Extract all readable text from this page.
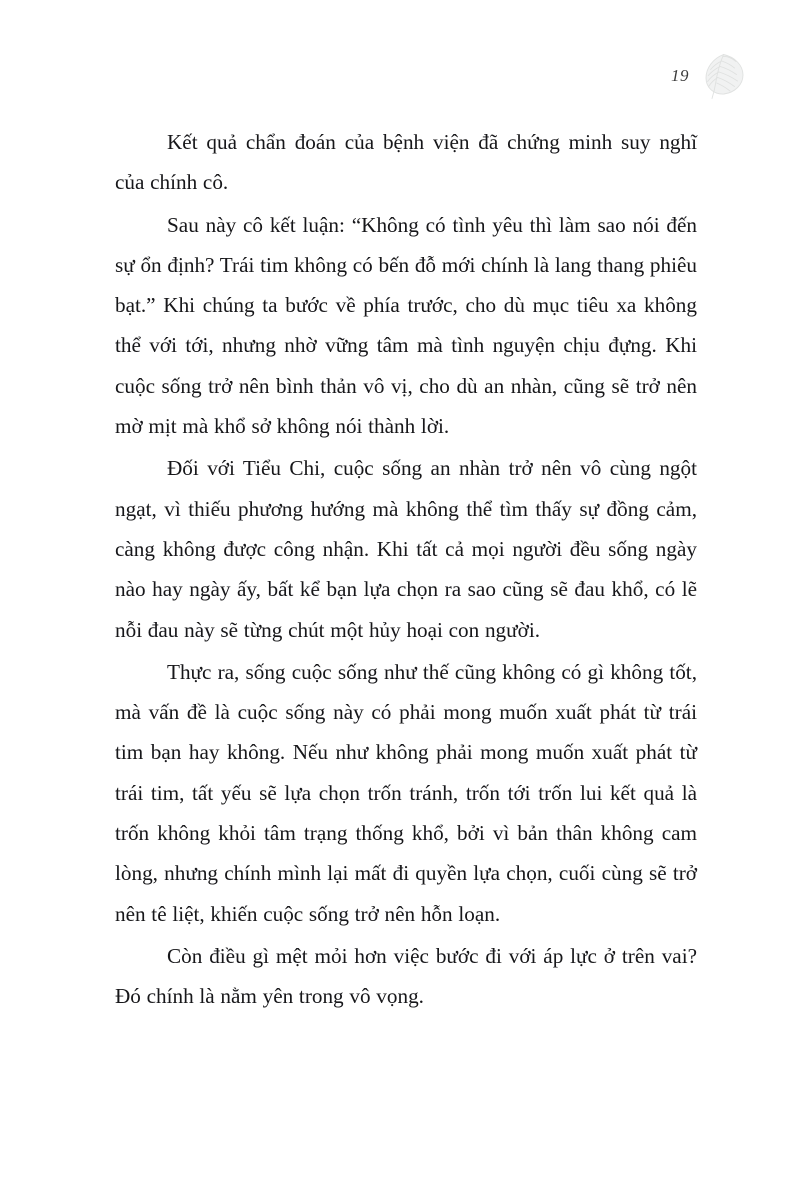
19

Kết quả chẩn đoán của bệnh viện đã chứng minh suy nghĩ của chính cô.

Sau này cô kết luận: “Không có tình yêu thì làm sao nói đến sự ổn định? Trái tim không có bến đỗ mới chính là lang thang phiêu bạt.” Khi chúng ta bước về phía trước, cho dù mục tiêu xa không thể với tới, nhưng nhờ vững tâm mà tình nguyện chịu đựng. Khi cuộc sống trở nên bình thản vô vị, cho dù an nhàn, cũng sẽ trở nên mờ mịt mà khổ sở không nói thành lời.

Đối với Tiểu Chi, cuộc sống an nhàn trở nên vô cùng ngột ngạt, vì thiếu phương hướng mà không thể tìm thấy sự đồng cảm, càng không được công nhận. Khi tất cả mọi người đều sống ngày nào hay ngày ấy, bất kể bạn lựa chọn ra sao cũng sẽ đau khổ, có lẽ nỗi đau này sẽ từng chút một hủy hoại con người.

Thực ra, sống cuộc sống như thế cũng không có gì không tốt, mà vấn đề là cuộc sống này có phải mong muốn xuất phát từ trái tim bạn hay không. Nếu như không phải mong muốn xuất phát từ trái tim, tất yếu sẽ lựa chọn trốn tránh, trốn tới trốn lui kết quả là trốn không khỏi tâm trạng thống khổ, bởi vì bản thân không cam lòng, nhưng chính mình lại mất đi quyền lựa chọn, cuối cùng sẽ trở nên tê liệt, khiến cuộc sống trở nên hỗn loạn.

Còn điều gì mệt mỏi hơn việc bước đi với áp lực ở trên vai? Đó chính là nằm yên trong vô vọng.
